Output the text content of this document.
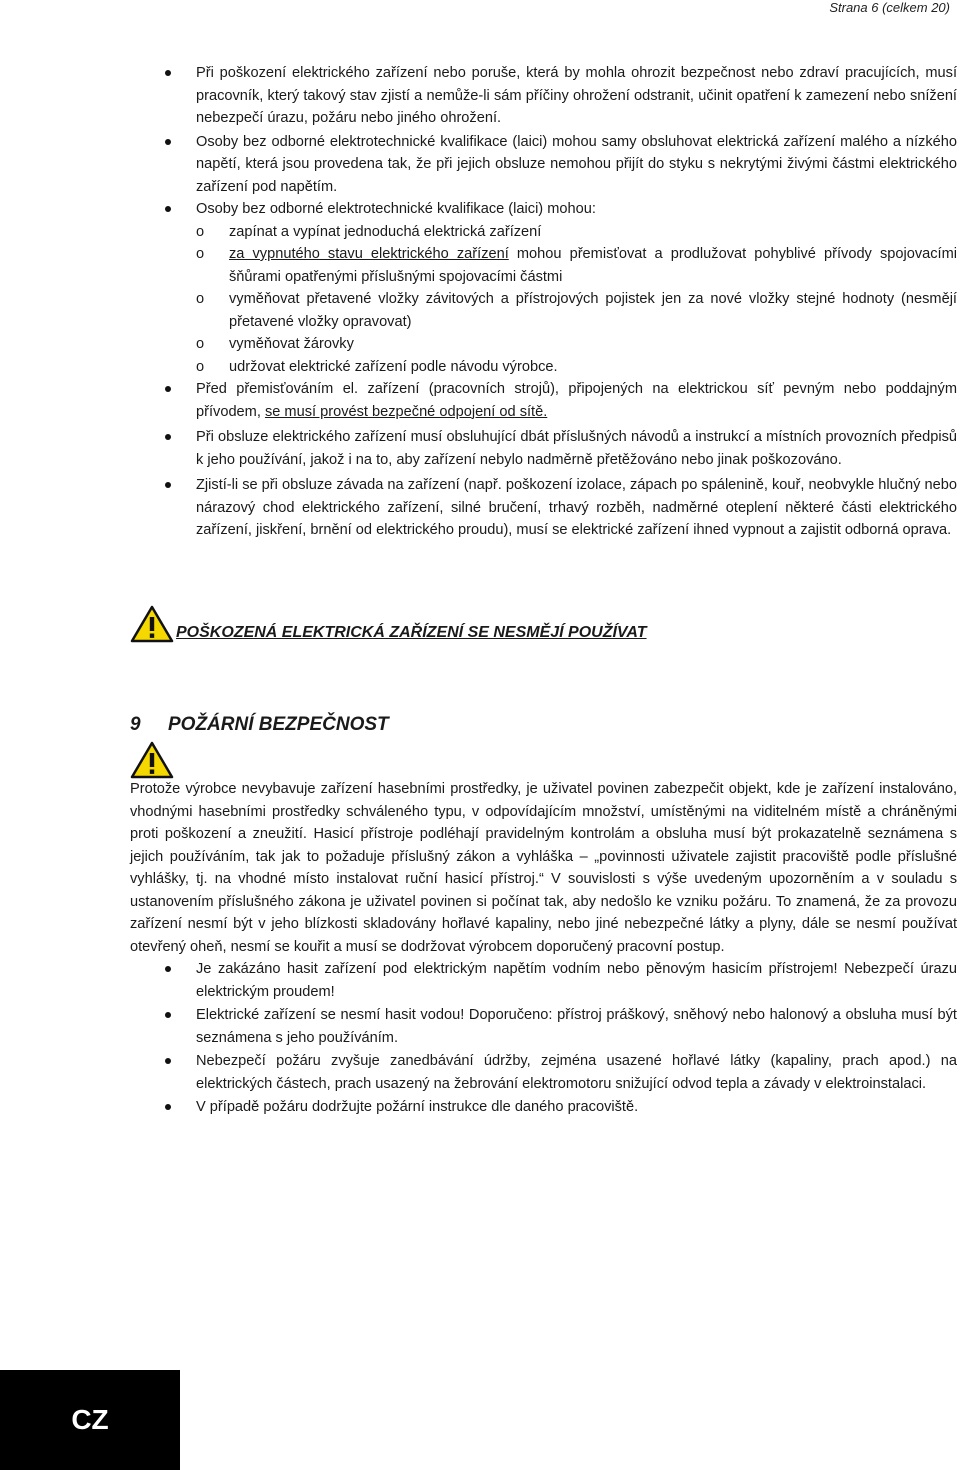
Strana 6 (celkem 20)
Při poškození elektrického zařízení nebo poruše, která by mohla ohrozit bezpečnost nebo zdraví pracujících, musí pracovník, který takový stav zjistí a nemůže-li sám příčiny ohrožení odstranit, učinit opatření k zamezení nebo snížení nebezpečí úrazu, požáru nebo jiného ohrožení.
Osoby bez odborné elektrotechnické kvalifikace (laici) mohou samy obsluhovat elektrická zařízení malého a nízkého napětí, která jsou provedena tak, že při jejich obsluze nemohou přijít do styku s nekrytými živými částmi elektrického zařízení pod napětím.
Osoby bez odborné elektrotechnické kvalifikace (laici) mohou:
o zapínat a vypínat jednoduchá elektrická zařízení
o za vypnutého stavu elektrického zařízení mohou přemisťovat a prodlužovat pohyblivé přívody spojovacími šňůrami opatřenými příslušnými spojovacími částmi
o vyměňovat přetavené vložky závitových a přístrojových pojistek jen za nové vložky stejné hodnoty (nesmějí přetavené vložky opravovat)
o vyměňovat žárovky
o udržovat elektrické zařízení podle návodu výrobce.
Před přemisťováním el. zařízení (pracovních strojů), připojených na elektrickou síť pevným nebo poddajným přívodem, se musí provést bezpečné odpojení od sítě.
Při obsluze elektrického zařízení musí obsluhující dbát příslušných návodů a instrukcí a místních provozních předpisů k jeho používání, jakož i na to, aby zařízení nebylo nadměrně přetěžováno nebo jinak poškozováno.
Zjistí-li se při obsluze závada na zařízení (např. poškození izolace, zápach po spálenině, kouř, neobvykle hlučný nebo nárazový chod elektrického zařízení, silné bručení, trhavý rozběh, nadměrné oteplení některé části elektrického zařízení, jiskření, brnění od elektrického proudu), musí se elektrické zařízení ihned vypnout a zajistit odborná oprava.
POŠKOZENÁ ELEKTRICKÁ ZAŘÍZENÍ SE NESMĚJÍ POUŽÍVAT
9 POŽÁRNÍ BEZPEČNOST

Protože výrobce nevybavuje zařízení hasebními prostředky, je uživatel povinen zabezpečit objekt, kde je zařízení instalováno, vhodnými hasebními prostředky schváleného typu, v odpovídajícím množství, umístěnými na viditelném místě a chráněnými proti poškození a zneužití. Hasicí přístroje podléhají pravidelným kontrolám a obsluha musí být prokazatelně seznámena s jejich používáním, tak jak to požaduje příslušný zákon a vyhláška – „povinnosti uživatele zajistit pracoviště podle příslušné vyhlášky, tj. na vhodné místo instalovat ruční hasicí přístroj.“ V souvislosti s výše uvedeným upozorněním a v souladu s ustanovením příslušného zákona je uživatel povinen si počínat tak, aby nedošlo ke vzniku požáru. To znamená, že za provozu zařízení nesmí být v jeho blízkosti skladovány hořlavé kapaliny, nebo jiné nebezpečné látky a plyny, dále se nesmí používat otevřený oheň, nesmí se kouřit a musí se dodržovat výrobcem doporučený pracovní postup.

Je zakázáno hasit zařízení pod elektrickým napětím vodním nebo pěnovým hasicím přístrojem! Nebezpečí úrazu elektrickým proudem!
Elektrické zařízení se nesmí hasit vodou! Doporučeno: přístroj práškový, sněhový nebo halonový a obsluha musí být seznámena s jeho používáním.
Nebezpečí požáru zvyšuje zanedbávání údržby, zejména usazené hořlavé látky (kapaliny, prach apod.) na elektrických částech, prach usazený na žebrování elektromotoru snižující odvod tepla a závady v elektroinstalaci.
V případě požáru dodržujte požární instrukce dle daného pracoviště.
CZ
